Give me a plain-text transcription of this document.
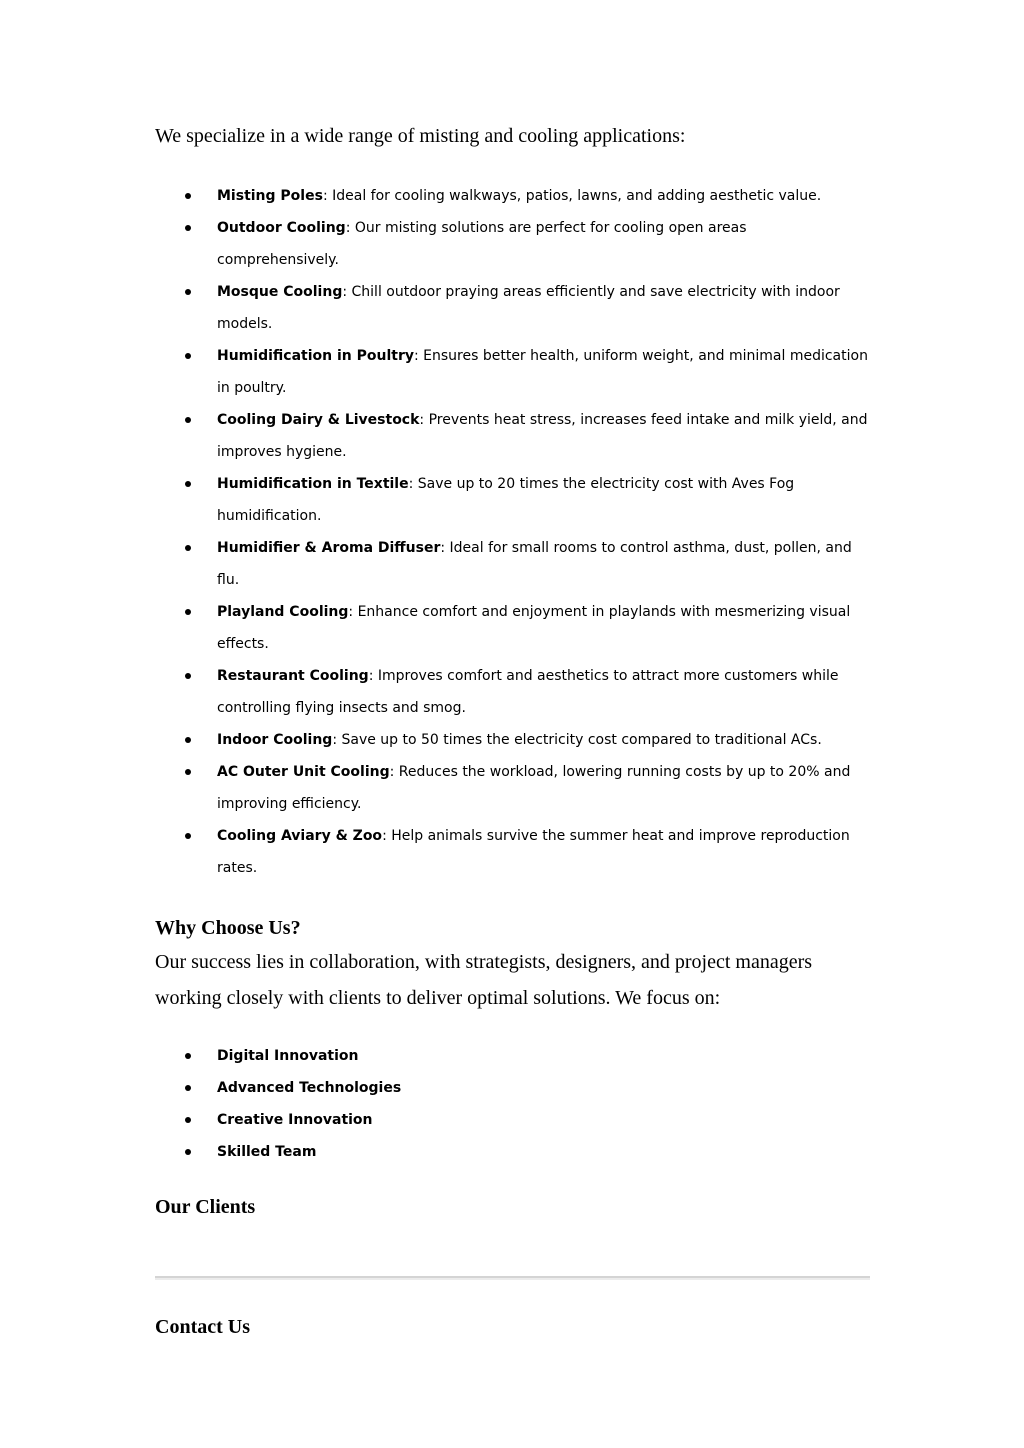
We specialize in a wide range of misting and cooling applications:

Misting Poles: Ideal for cooling walkways, patios, lawns, and adding aesthetic value.
Outdoor Cooling: Our misting solutions are perfect for cooling open areas comprehensively.
Mosque Cooling: Chill outdoor praying areas efficiently and save electricity with indoor models.
Humidification in Poultry: Ensures better health, uniform weight, and minimal medication in poultry.
Cooling Dairy & Livestock: Prevents heat stress, increases feed intake and milk yield, and improves hygiene.
Humidification in Textile: Save up to 20 times the electricity cost with Aves Fog humidification.
Humidifier & Aroma Diffuser: Ideal for small rooms to control asthma, dust, pollen, and flu.
Playland Cooling: Enhance comfort and enjoyment in playlands with mesmerizing visual effects.
Restaurant Cooling: Improves comfort and aesthetics to attract more customers while controlling flying insects and smog.
Indoor Cooling: Save up to 50 times the electricity cost compared to traditional ACs.
AC Outer Unit Cooling: Reduces the workload, lowering running costs by up to 20% and improving efficiency.
Cooling Aviary & Zoo: Help animals survive the summer heat and improve reproduction rates.
Why Choose Us?

Our success lies in collaboration, with strategists, designers, and project managers working closely with clients to deliver optimal solutions. We focus on:

Digital Innovation
Advanced Technologies
Creative Innovation
Skilled Team
Our Clients
Contact Us
